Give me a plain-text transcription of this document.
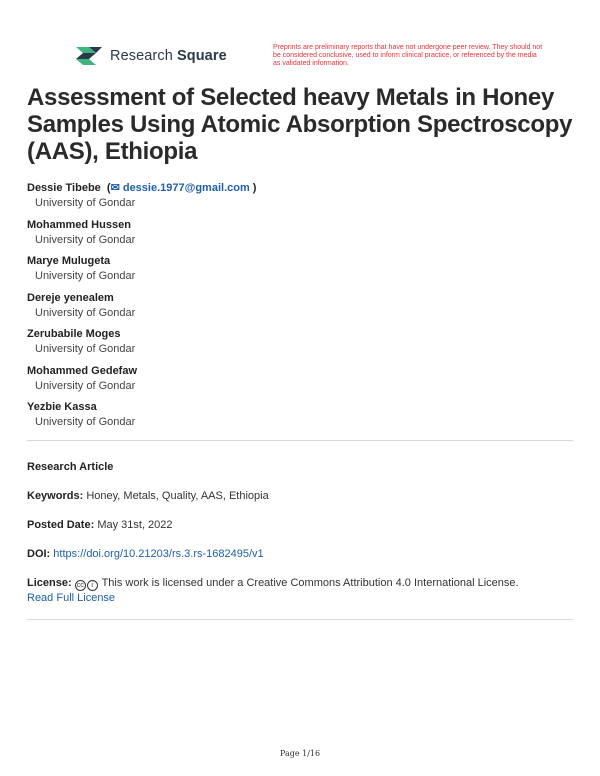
Research Square
Preprints are preliminary reports that have not undergone peer review. They should not be considered conclusive, used to inform clinical practice, or referenced by the media as validated information.
Assessment of Selected heavy Metals in Honey Samples Using Atomic Absorption Spectroscopy (AAS), Ethiopia
Dessie Tibebe  (✉ dessie.1977@gmail.com )
University of Gondar
Mohammed Hussen
University of Gondar
Marye Mulugeta
University of Gondar
Dereje yenealem
University of Gondar
Zerubabile Moges
University of Gondar
Mohammed Gedefaw
University of Gondar
Yezbie Kassa
University of Gondar
Research Article
Keywords: Honey, Metals, Quality, AAS, Ethiopia
Posted Date: May 31st, 2022
DOI: https://doi.org/10.21203/rs.3.rs-1682495/v1
License: cc i This work is licensed under a Creative Commons Attribution 4.0 International License.
Read Full License
Page 1/16
